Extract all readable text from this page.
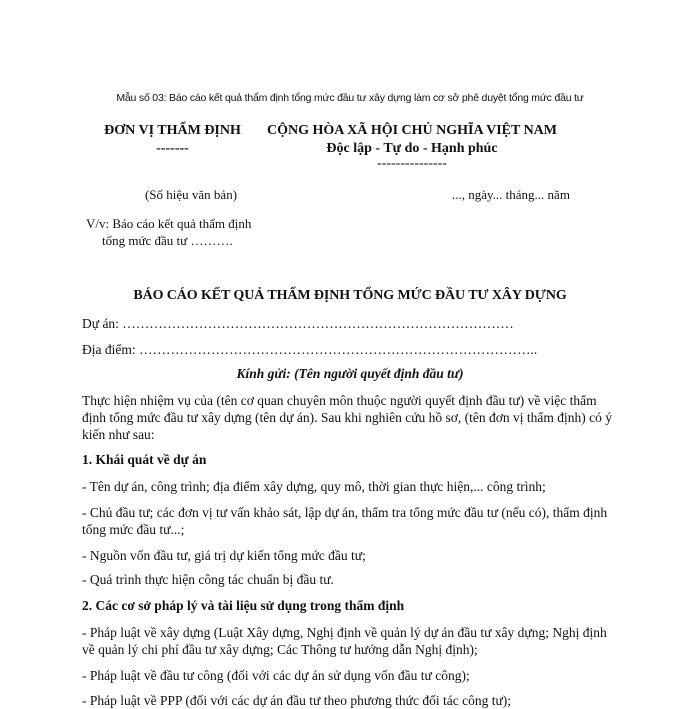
Mẫu số 03: Báo cáo kết quả thẩm định tổng mức đầu tư xây dựng làm cơ sở phê duyệt tổng mức đầu tư
ĐƠN VỊ THẨM ĐỊNH
-------
CỘNG HÒA XÃ HỘI CHỦ NGHĨA VIỆT NAM
Độc lập - Tự do - Hạnh phúc
---------------
(Số hiệu văn bản)	..., ngày... tháng... năm
V/v: Báo cáo kết quả thẩm định
tổng mức đầu tư ……….
BÁO CÁO KẾT QUẢ THẨM ĐỊNH TỔNG MỨC ĐẦU TƯ XÂY DỰNG
Dự án: ……………………………………………………………………………
Địa điểm: ……………………………………………………………………………..
Kính gửi: (Tên người quyết định đầu tư)
Thực hiện nhiệm vụ của (tên cơ quan chuyên môn thuộc người quyết định đầu tư) về việc thẩm định tổng mức đầu tư xây dựng (tên dự án). Sau khi nghiên cứu hồ sơ, (tên đơn vị thẩm định) có ý kiến như sau:
1. Khái quát về dự án
- Tên dự án, công trình; địa điểm xây dựng, quy mô, thời gian thực hiện,... công trình;
- Chủ đầu tư; các đơn vị tư vấn khảo sát, lập dự án, thẩm tra tổng mức đầu tư (nếu có), thẩm định tổng mức đầu tư...;
- Nguồn vốn đầu tư, giá trị dự kiến tổng mức đầu tư;
- Quá trình thực hiện công tác chuẩn bị đầu tư.
2. Các cơ sở pháp lý và tài liệu sử dụng trong thẩm định
- Pháp luật về xây dựng (Luật Xây dựng, Nghị định về quản lý dự án đầu tư xây dựng; Nghị định về quản lý chi phí đầu tư xây dựng; Các Thông tư hướng dẫn Nghị định);
- Pháp luật về đầu tư công (đối với các dự án sử dụng vốn đầu tư công);
- Pháp luật về PPP (đối với các dự án đầu tư theo phương thức đối tác công tư);
